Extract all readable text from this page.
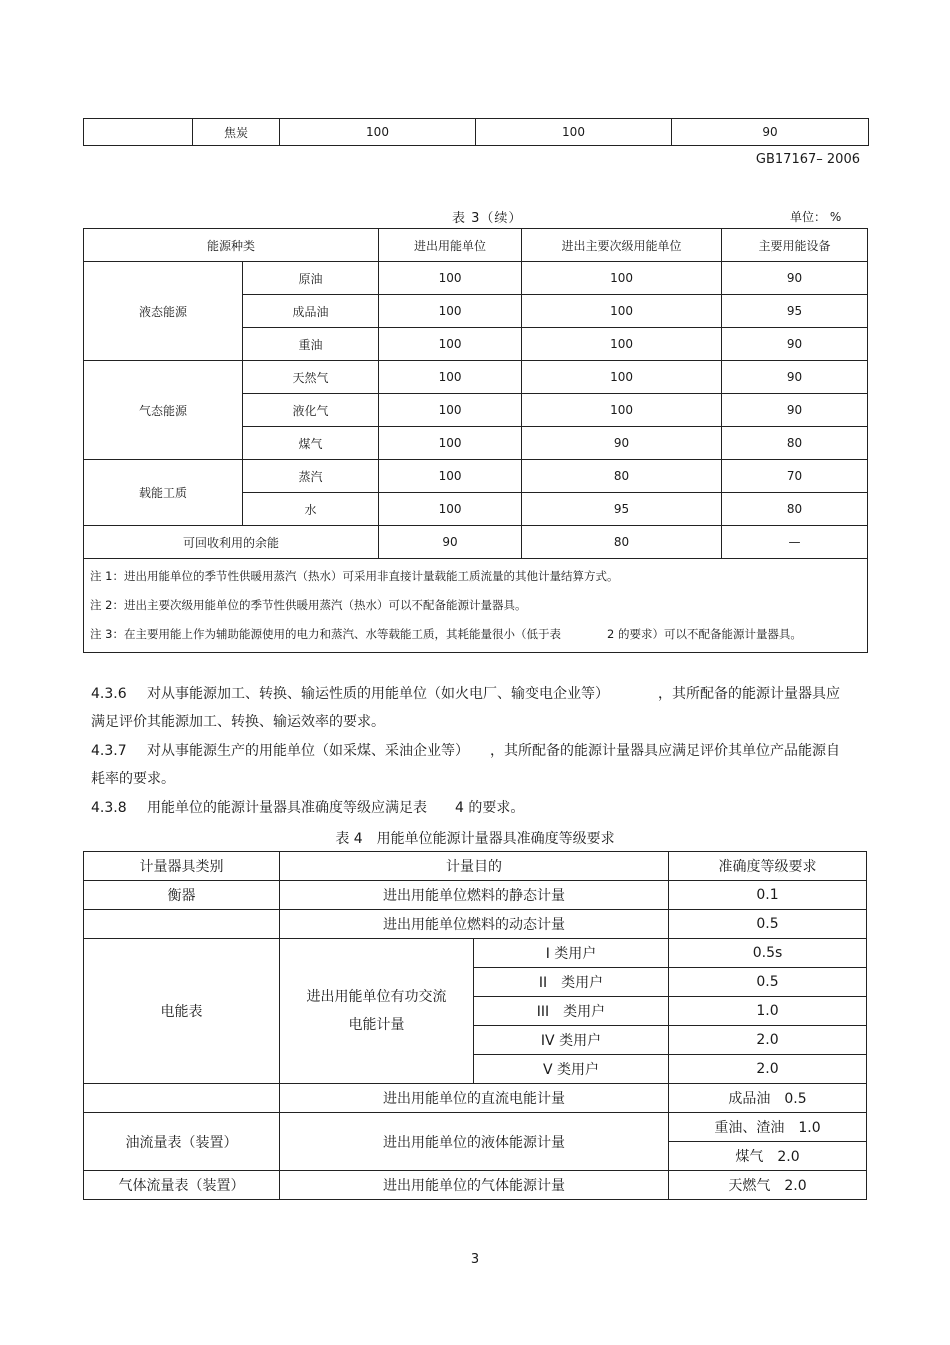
	焦炭	100	100	90
GB17167– 2006
表 3（续）	单位： %
能源种类		进出用能单位	进出主要次级用能单位	主要用能设备
液态能源	原油	100	100	90
	成品油	100	100	95
	重油	100	100	90
气态能源	天然气	100	100	90
	液化气	100	100	90
	煤气	100	90	80
载能工质	蒸汽	100	80	70
	水	100	95	80
可回收利用的余能		90	80	—

注 1：进出用能单位的季节性供暖用蒸汽（热水）可采用非直接计量载能工质流量的其他计量结算方式。
注 2：进出主要次级用能单位的季节性供暖用蒸汽（热水）可以不配备能源计量器具。
注 3：在主要用能上作为辅助能源使用的电力和蒸汽、水等载能工质，其耗能量很小（低于表　　　　2 的要求）可以不配备能源计量器具。				
4.3.6 对从事能源加工、转换、输运性质的用能单位（如火电厂、输变电企业等）　　　　，其所配备的能源计量器具应满足评价其能源加工、转换、输运效率的要求。
4.3.7 对从事能源生产的用能单位（如采煤、采油企业等）　　，其所配备的能源计量器具应满足评价其单位产品能源自耗率的要求。
4.3.8 用能单位的能源计量器具准确度等级应满足表　　4 的要求。
表 4　用能单位能源计量器具准确度等级要求
计量器具类别	计量目的		准确度等级要求
衡器	进出用能单位燃料的静态计量		0.1
	进出用能单位燃料的动态计量		0.5
电能表	进出用能单位有功交流电能计量	I 类用户	0.5s
		II　类用户	0.5
		III　类用户	1.0
		IV 类用户	2.0
		V 类用户	2.0
	进出用能单位的直流电能计量		成品油　0.5
油流量表（装置）	进出用能单位的液体能源计量		重油、渣油　1.0
			煤气　2.0
气体流量表（装置）	进出用能单位的气体能源计量		天燃气　2.0
3
